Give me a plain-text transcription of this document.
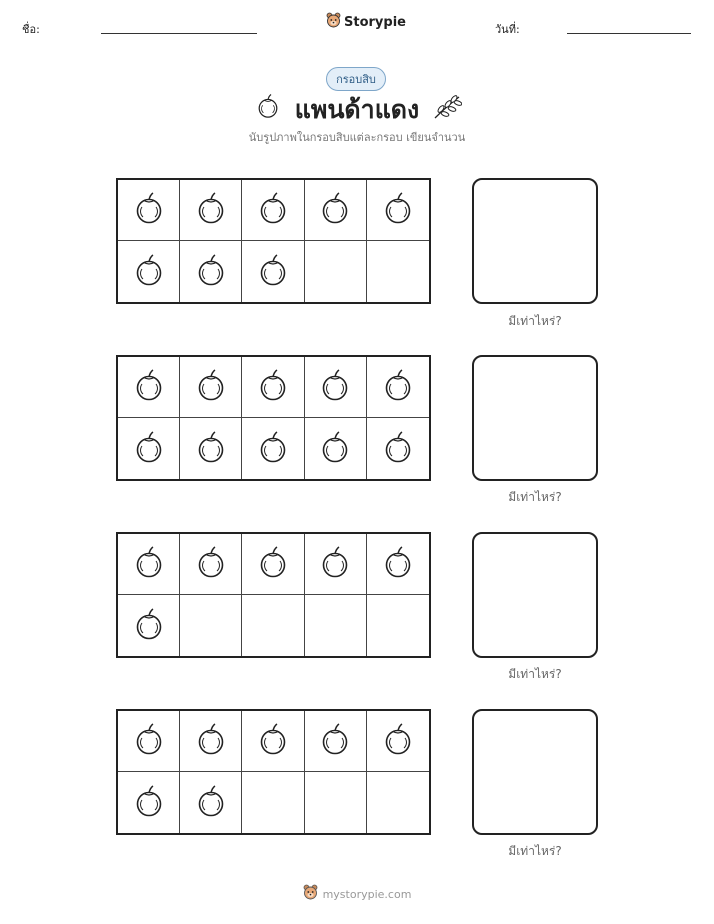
ชื่อ:	Storypie	วันที่:
กรอบสิบ
แพนด้าแดง
นับรูปภาพในกรอบสิบแต่ละกรอบ เขียนจำนวน
มีเท่าไหร่?
มีเท่าไหร่?
มีเท่าไหร่?
มีเท่าไหร่?
mystorypie.com
